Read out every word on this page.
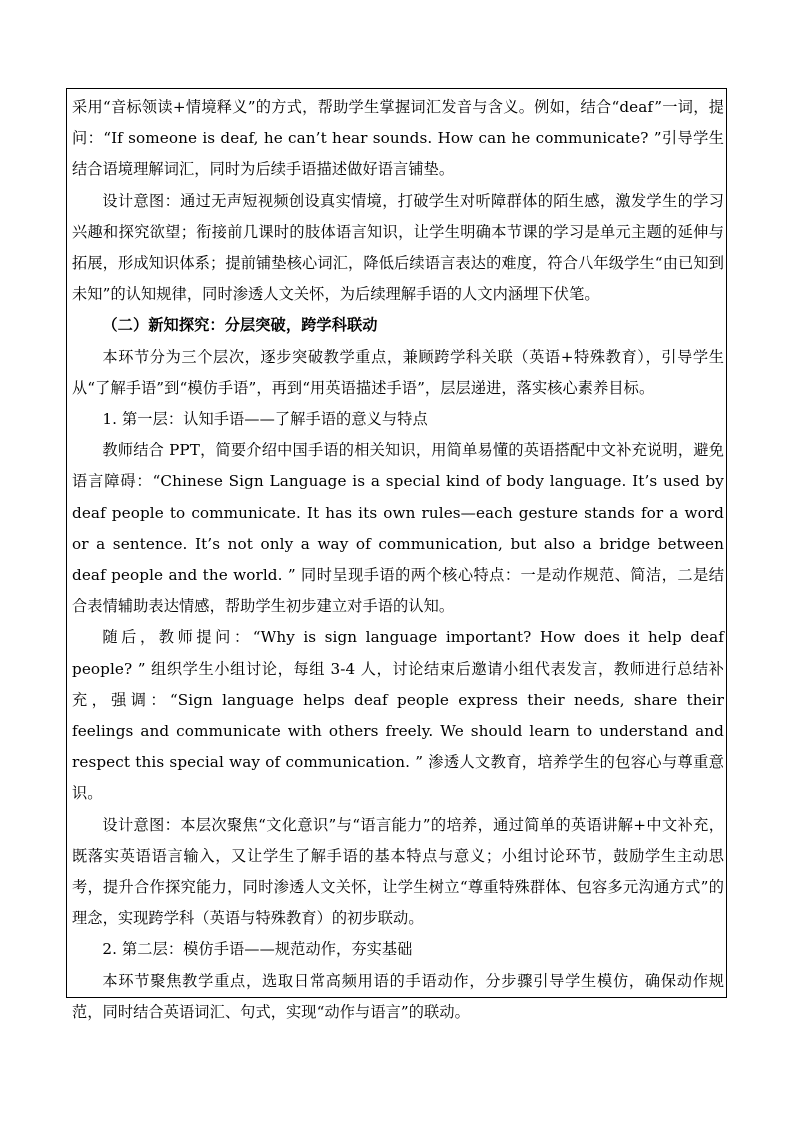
采用“音标领读+情境释义”的方式，帮助学生掌握词汇发音与含义。例如，结合“deaf”一词，提问：“If someone is deaf, he can’t hear sounds. How can he communicate? ”引导学生结合语境理解词汇，同时为后续手语描述做好语言铺垫。

设计意图：通过无声短视频创设真实情境，打破学生对听障群体的陌生感，激发学生的学习兴趣和探究欲望；衔接前几课时的肢体语言知识，让学生明确本节课的学习是单元主题的延伸与拓展，形成知识体系；提前铺垫核心词汇，降低后续语言表达的难度，符合八年级学生“由已知到未知”的认知规律，同时渗透人文关怀，为后续理解手语的人文内涵埋下伏笔。

（二）新知探究：分层突破，跨学科联动

本环节分为三个层次，逐步突破教学重点，兼顾跨学科关联（英语+特殊教育），引导学生从“了解手语”到“模仿手语”，再到“用英语描述手语”，层层递进，落实核心素养目标。

1. 第一层：认知手语——了解手语的意义与特点

教师结合 PPT，简要介绍中国手语的相关知识，用简单易懂的英语搭配中文补充说明，避免语言障碍：“Chinese Sign Language is a special kind of body language. It’s used by deaf people to communicate. It has its own rules—each gesture stands for a word or a sentence. It’s not only a way of communication, but also a bridge between deaf people and the world. ” 同时呈现手语的两个核心特点：一是动作规范、简洁，二是结合表情辅助表达情感，帮助学生初步建立对手语的认知。

随后，教师提问：“Why is sign language important? How does it help deaf people? ” 组织学生小组讨论，每组 3-4 人，讨论结束后邀请小组代表发言，教师进行总结补充，强调：“Sign language helps deaf people express their needs, share their feelings and communicate with others freely. We should learn to understand and respect this special way of communication. ” 渗透人文教育，培养学生的包容心与尊重意识。

设计意图：本层次聚焦“文化意识”与“语言能力”的培养，通过简单的英语讲解+中文补充，既落实英语语言输入，又让学生了解手语的基本特点与意义；小组讨论环节，鼓励学生主动思考，提升合作探究能力，同时渗透人文关怀，让学生树立“尊重特殊群体、包容多元沟通方式”的理念，实现跨学科（英语与特殊教育）的初步联动。

2. 第二层：模仿手语——规范动作，夯实基础

本环节聚焦教学重点，选取日常高频用语的手语动作，分步骤引导学生模仿，确保动作规范，同时结合英语词汇、句式，实现“动作与语言”的联动。
